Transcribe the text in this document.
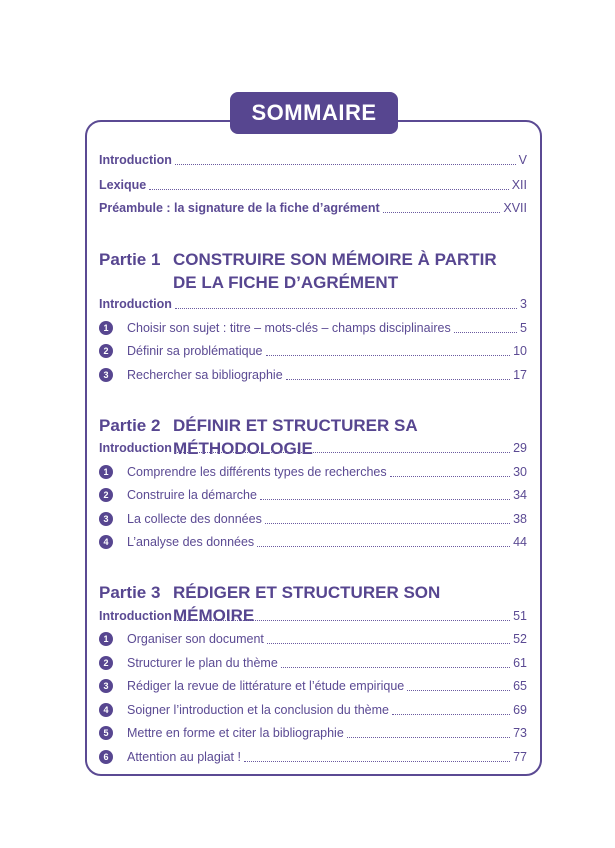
SOMMAIRE
Introduction	V
Lexique	XII
Préambule : la signature de la fiche d’agrément	XVII
Partie 1 CONSTRUIRE SON MÉMOIRE À PARTIR DE LA FICHE D’AGRÉMENT
Introduction	3
1	Choisir son sujet : titre – mots-clés – champs disciplinaires	5
2	Définir sa problématique	10
3	Rechercher sa bibliographie	17
Partie 2 DÉFINIR ET STRUCTURER SA MÉTHODOLOGIE
Introduction	29
1	Comprendre les différents types de recherches	30
2	Construire la démarche	34
3	La collecte des données	38
4	L’analyse des données	44
Partie 3 RÉDIGER ET STRUCTURER SON MÉMOIRE
Introduction	51
1	Organiser son document	52
2	Structurer le plan du thème	61
3	Rédiger la revue de littérature et l’étude empirique	65
4	Soigner l’introduction et la conclusion du thème	69
5	Mettre en forme et citer la bibliographie	73
6	Attention au plagiat !	77
